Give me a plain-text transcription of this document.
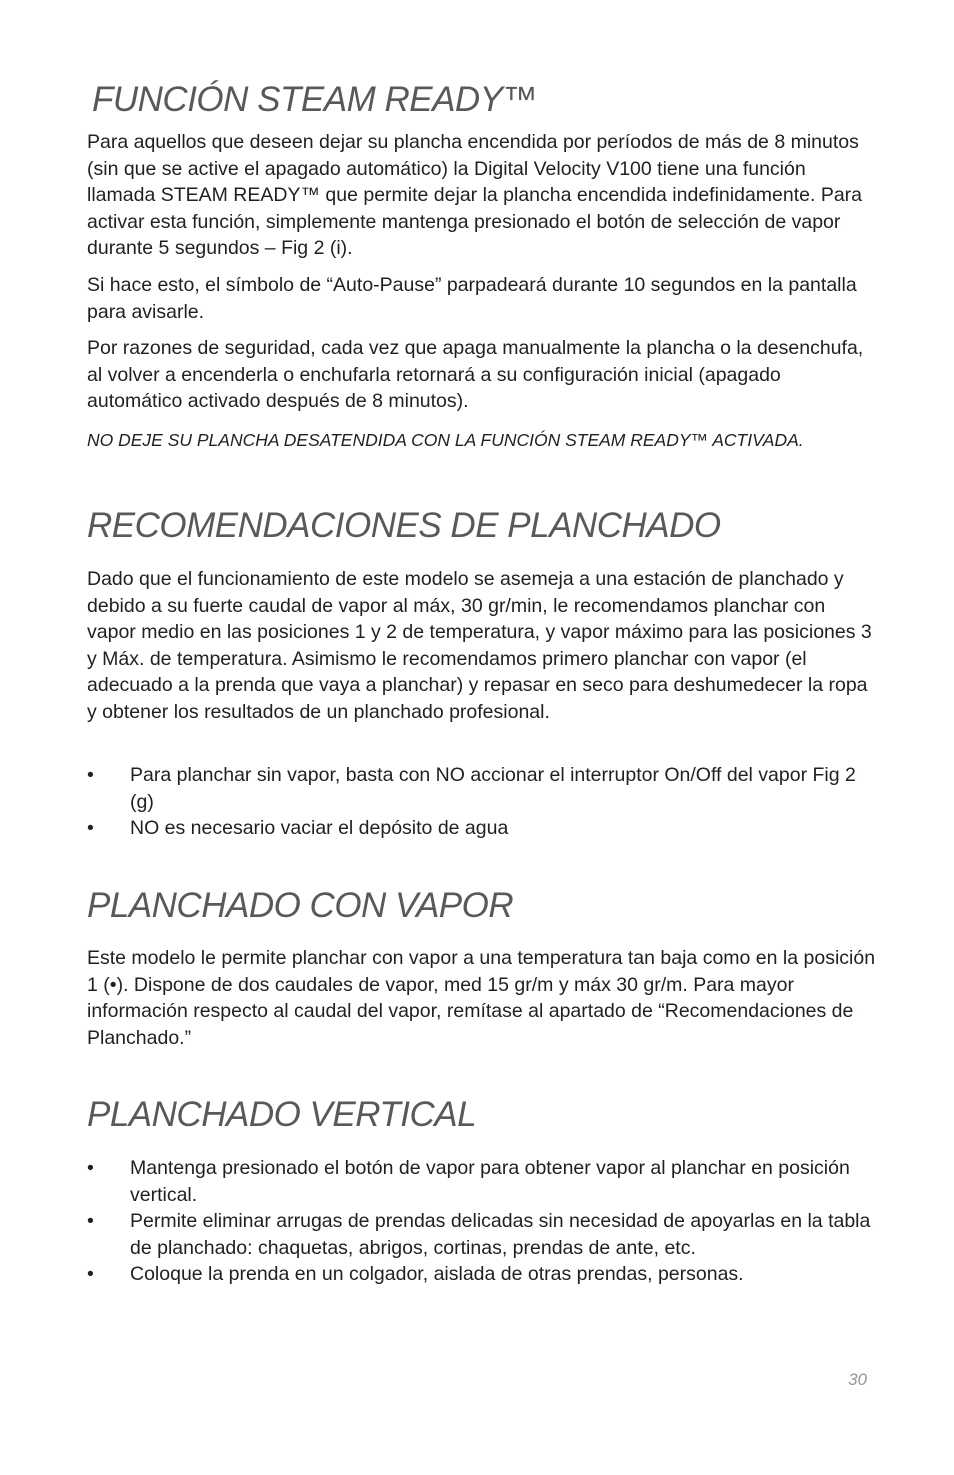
FUNCIÓN STEAM READY™

Para aquellos que deseen dejar su plancha encendida por períodos de más de 8 minutos (sin que se active el apagado automático) la Digital Velocity V100 tiene una función llamada STEAM READY™ que permite dejar la plancha encendida indefinidamente. Para activar esta función, simplemente mantenga presionado el botón de selección de vapor durante 5 segundos – Fig 2 (i).

Si hace esto, el símbolo de “Auto-Pause” parpadeará durante 10 segundos en la pantalla para avisarle.

Por razones de seguridad, cada vez que apaga manualmente la plancha o la desenchufa, al volver a encenderla o enchufarla retornará a su configuración inicial (apagado automático activado después de 8 minutos).

NO DEJE SU PLANCHA DESATENDIDA CON LA FUNCIÓN STEAM READY™ ACTIVADA.

RECOMENDACIONES DE PLANCHADO

Dado que el funcionamiento de este modelo se asemeja a una estación de planchado y debido a su fuerte caudal de vapor al máx, 30 gr/min, le recomendamos planchar con vapor medio en las posiciones 1 y 2 de temperatura, y vapor máximo para las posiciones 3 y Máx. de temperatura. Asimismo le recomendamos primero planchar con vapor (el adecuado a la prenda que vaya a planchar) y repasar en seco para deshumedecer la ropa y obtener los resultados de un planchado profesional.

• Para planchar sin vapor, basta con NO accionar el interruptor On/Off del vapor Fig 2 (g)
• NO es necesario vaciar el depósito de agua
PLANCHADO CON VAPOR

Este modelo le permite planchar con vapor a una temperatura tan baja como en la posición 1 (•). Dispone de dos caudales de vapor, med 15 gr/m y máx 30 gr/m. Para mayor información respecto al caudal del vapor, remítase al apartado de “Recomendaciones de Planchado.”

PLANCHADO VERTICAL
• Mantenga presionado el botón de vapor para obtener vapor al planchar en posición vertical.
• Permite eliminar arrugas de prendas delicadas sin necesidad de apoyarlas en la tabla de planchado: chaquetas, abrigos, cortinas, prendas de ante, etc.
• Coloque la prenda en un colgador, aislada de otras prendas, personas.
30
